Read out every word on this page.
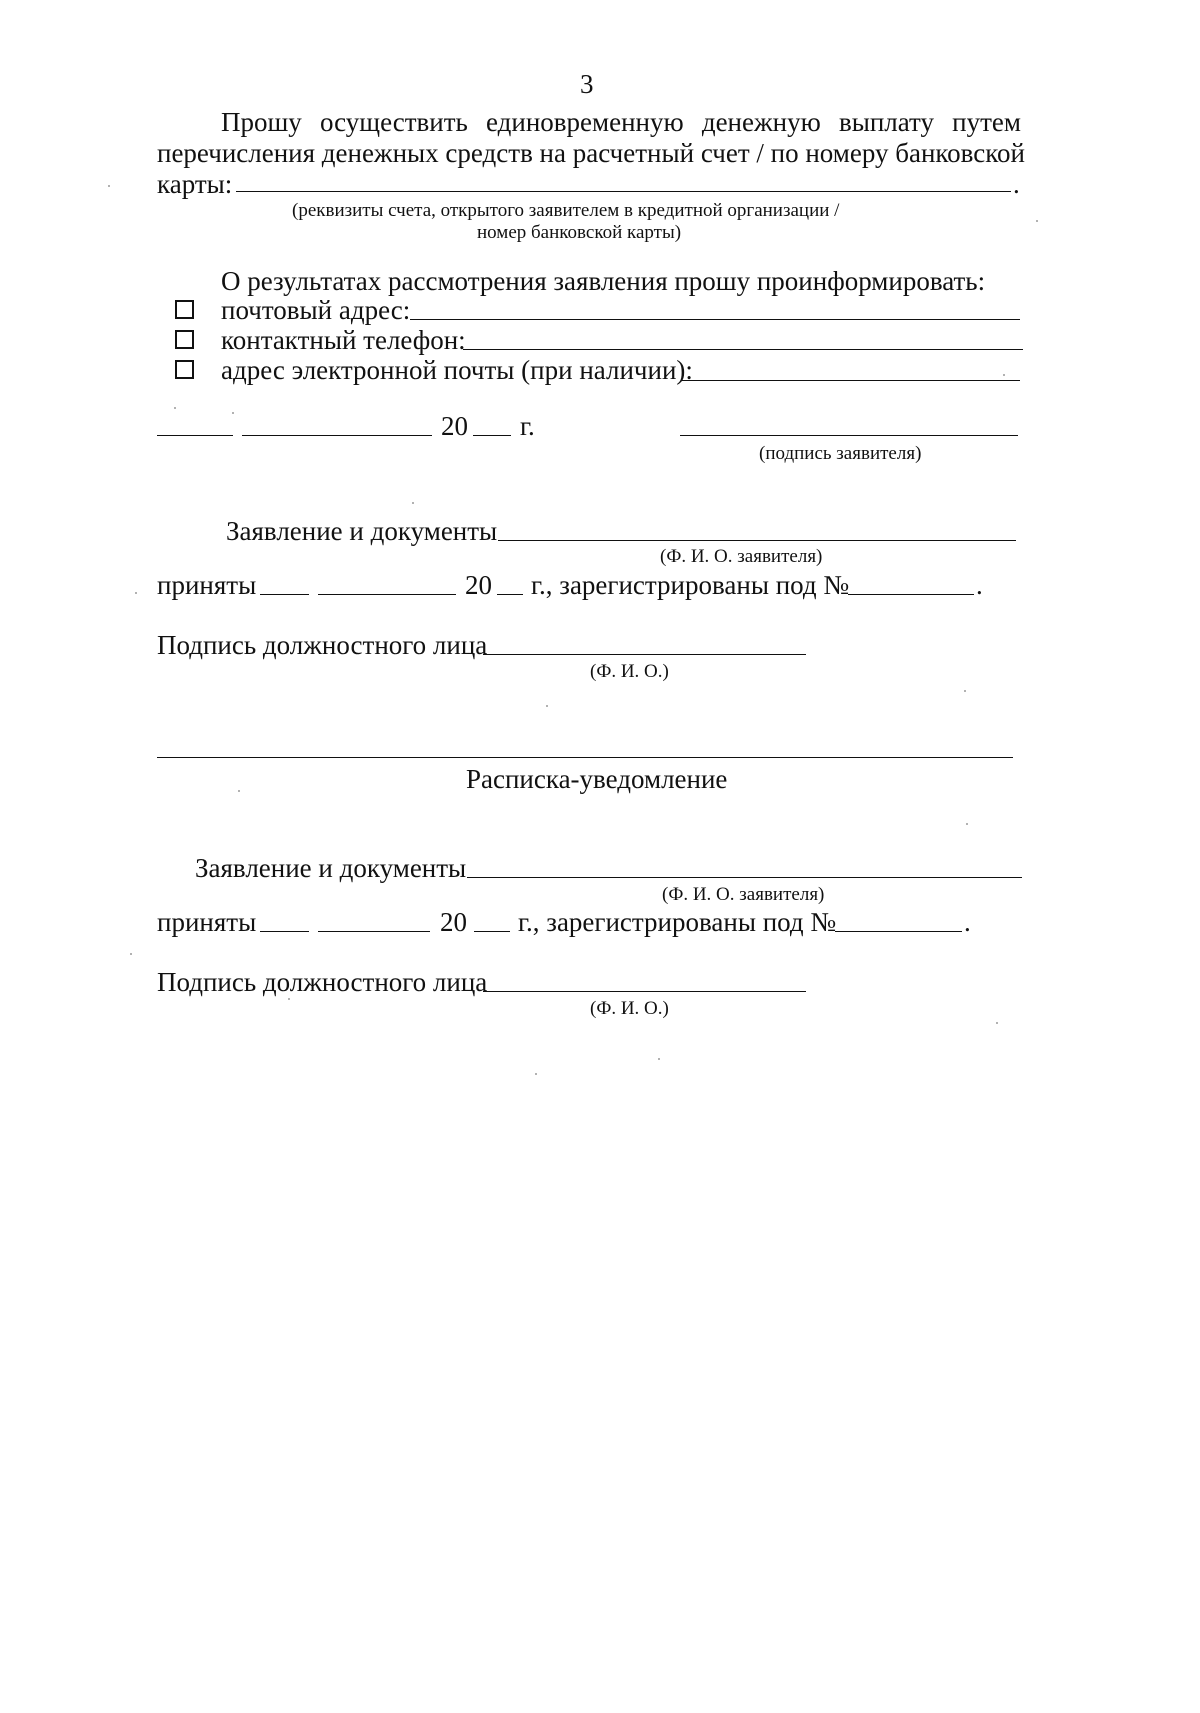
3
Прошу осуществить единовременную денежную выплату путем
перечисления денежных средств на расчетный счет / по номеру банковской
карты:	.
(реквизиты счета, открытого заявителем в кредитной организации /
номер банковской карты)
О результатах рассмотрения заявления прошу проинформировать:
почтовый адрес:
контактный телефон:
адрес электронной почты (при наличии):
20 г.
(подпись заявителя)
Заявление и документы
(Ф. И. О. заявителя)
приняты	20 г., зарегистрированы под №	.
Подпись должностного лица
(Ф. И. О.)
Расписка-уведомление
Заявление и документы
(Ф. И. О. заявителя)
приняты	20 г., зарегистрированы под №	.
Подпись должностного лица
(Ф. И. О.)
